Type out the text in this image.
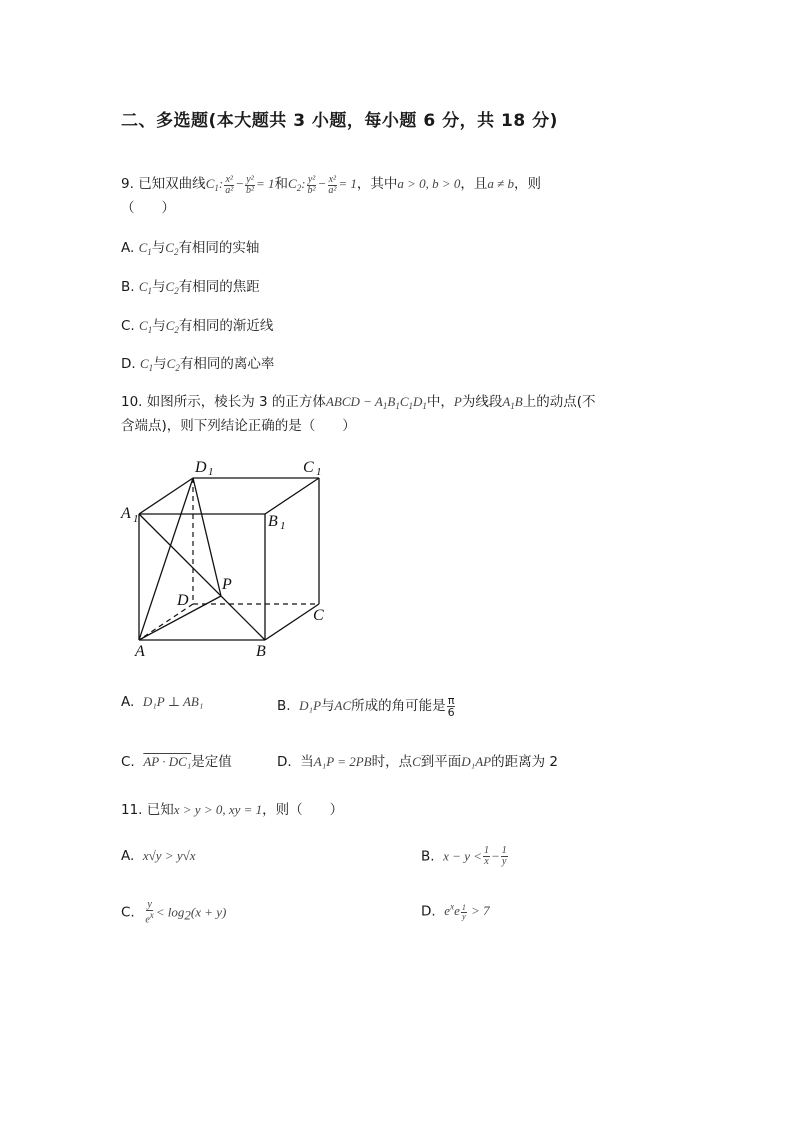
二、多选题(本大题共 3 小题，每小题 6 分，共 18 分)
9. 已知双曲线$C_1$: $\frac{\text{x²}}{\text{a²}} - \frac{\text{y²}}{\text{b²}} = 1$和$C_2$: $\frac{\text{y²}}{\text{b²}} - \frac{\text{x²}}{\text{a²}} = 1$，其中a > 0, b > 0，且a ≠ b，则
（　　）
A. $C_1$与$C_2$有相同的实轴
B. $C_1$与$C_2$有相同的焦距
C. $C_1$与$C_2$有相同的渐近线
D. $C_1$与$C_2$有相同的离心率
10. 如图所示，棱长为 3 的正方体ABCD − $A_1B_1C_1D_1$中，P为线段$A_1B$上的动点(不
含端点)，则下列结论正确的是（　　）
D 1	C 1
A 1	B 1
P
D
C
A	B
A. D₁P ⊥ AB₁	B. D₁P与AC所成的角可能是 $\frac{\pi}{6}$
C. AP · DC₁是定值	D. 当A₁P = 2PB时，点C到平面D₁AP的距离为 2
11. 已知x > y > 0, xy = 1，则（　　）
A. x√y > y√x	B. $x - y < \frac{1}{x} - \frac{1}{y}$
C. $\frac{y}{e^x} < \log_2(x + y)$	D. $e^xe \frac{1}{y} > 7$
